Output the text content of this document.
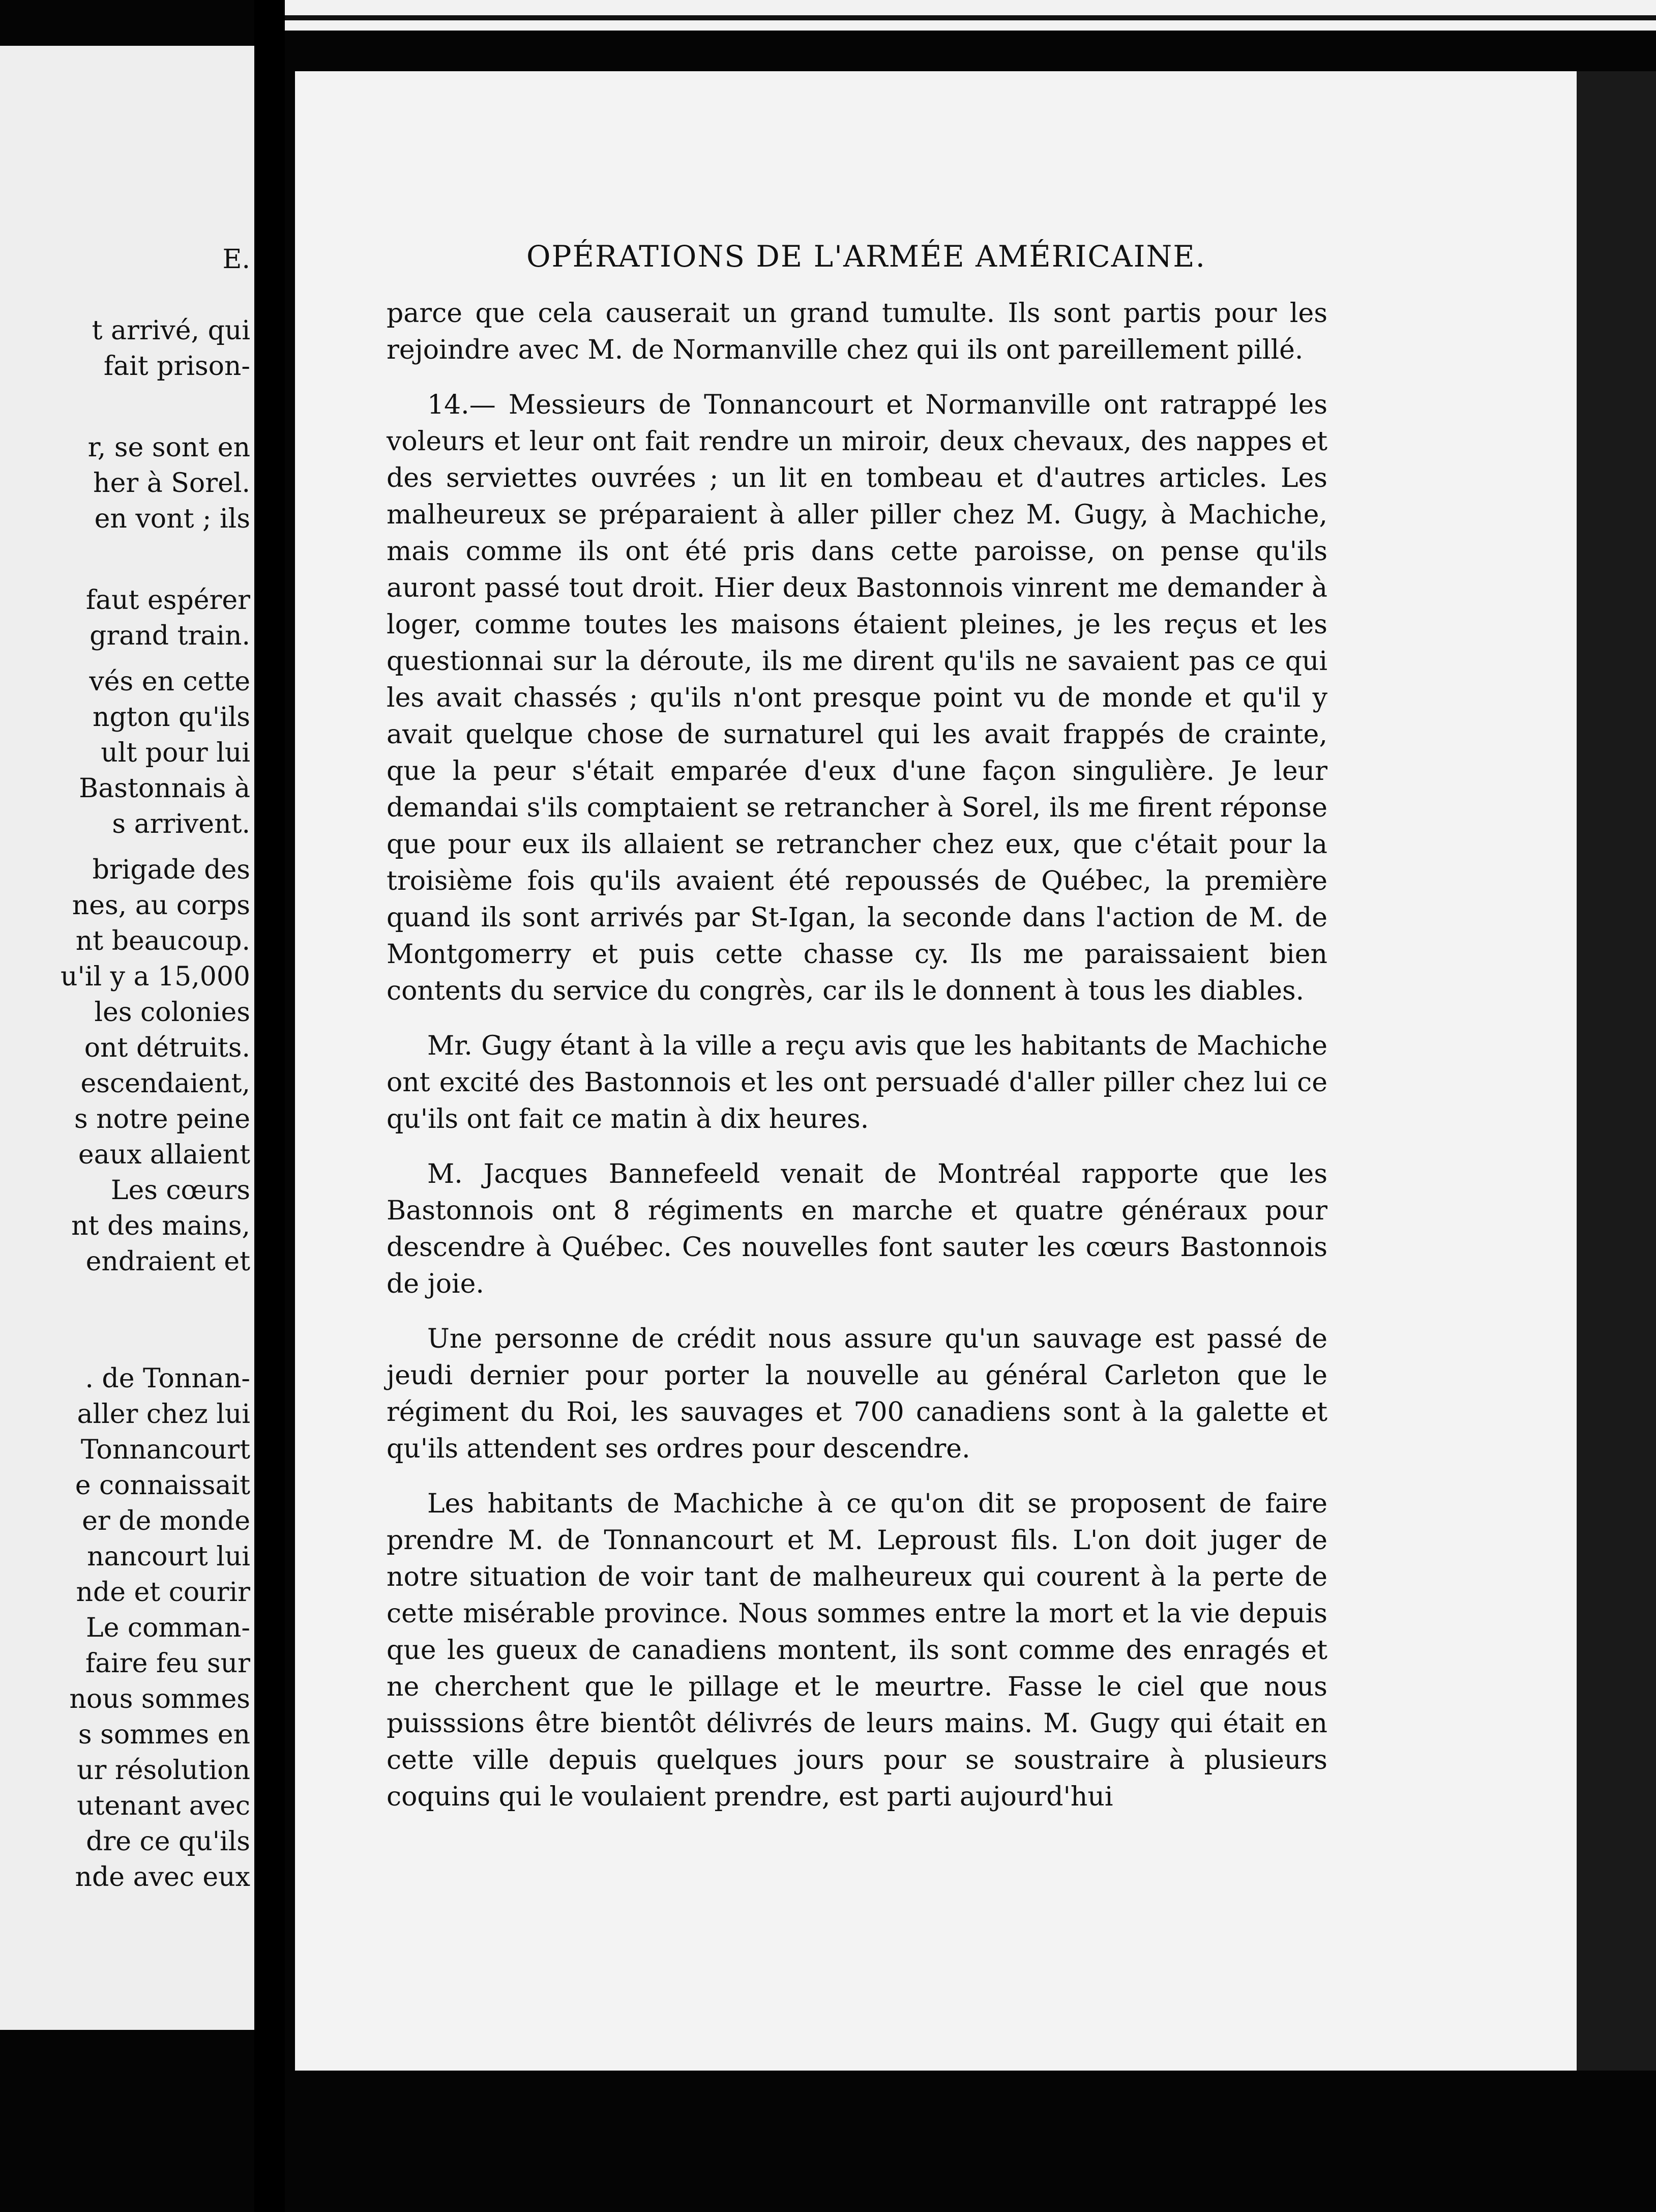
E.
t arrivé, qui
fait prison-
r, se sont en
her à Sorel.
en vont ; ils
faut espérer
grand train.
vés en cette
ngton qu'ils
ult pour lui
Bastonnais à
s arrivent.
brigade des
nes, au corps
nt beaucoup.
u'il y a 15,000
les colonies
ont détruits.
escendaient,
s notre peine
eaux allaient
Les cœurs
nt des mains,
endraient et
. de Tonnan-
aller chez lui
Tonnancourt
e connaissait
er de monde
nancourt lui
nde et courir
Le comman-
faire feu sur
nous sommes
s sommes en
ur résolution
utenant avec
dre ce qu'ils
nde avec eux
OPÉRATIONS DE L'ARMÉE AMÉRICAINE.

parce que cela causerait un grand tumulte. Ils sont partis pour les rejoindre avec M. de Normanville chez qui ils ont pareillement pillé.

14.— Messieurs de Tonnancourt et Normanville ont ratrappé les voleurs et leur ont fait rendre un miroir, deux chevaux, des nappes et des serviettes ouvrées ; un lit en tombeau et d'autres articles. Les malheureux se préparaient à aller piller chez M. Gugy, à Machiche, mais comme ils ont été pris dans cette paroisse, on pense qu'ils auront passé tout droit. Hier deux Bastonnois vinrent me demander à loger, comme toutes les maisons étaient pleines, je les reçus et les questionnai sur la déroute, ils me dirent qu'ils ne savaient pas ce qui les avait chassés ; qu'ils n'ont presque point vu de monde et qu'il y avait quelque chose de surnaturel qui les avait frappés de crainte, que la peur s'était emparée d'eux d'une façon singulière. Je leur demandai s'ils comptaient se retrancher à Sorel, ils me firent réponse que pour eux ils allaient se retrancher chez eux, que c'était pour la troisième fois qu'ils avaient été repoussés de Québec, la première quand ils sont arrivés par St-Igan, la seconde dans l'action de M. de Montgomerry et puis cette chasse cy. Ils me paraissaient bien contents du service du congrès, car ils le donnent à tous les diables.

Mr. Gugy étant à la ville a reçu avis que les habitants de Machiche ont excité des Bastonnois et les ont persuadé d'aller piller chez lui ce qu'ils ont fait ce matin à dix heures.

M. Jacques Bannefeeld venait de Montréal rapporte que les Bastonnois ont 8 régiments en marche et quatre généraux pour descendre à Québec. Ces nouvelles font sauter les cœurs Bastonnois de joie.

Une personne de crédit nous assure qu'un sauvage est passé de jeudi dernier pour porter la nouvelle au général Carleton que le régiment du Roi, les sauvages et 700 canadiens sont à la galette et qu'ils attendent ses ordres pour descendre.

Les habitants de Machiche à ce qu'on dit se proposent de faire prendre M. de Tonnancourt et M. Leproust fils. L'on doit juger de notre situation de voir tant de malheureux qui courent à la perte de cette misérable province. Nous sommes entre la mort et la vie depuis que les gueux de canadiens montent, ils sont comme des enragés et ne cherchent que le pillage et le meurtre. Fasse le ciel que nous puisssions être bientôt délivrés de leurs mains. M. Gugy qui était en cette ville depuis quelques jours pour se soustraire à plusieurs coquins qui le voulaient prendre, est parti aujourd'hui
